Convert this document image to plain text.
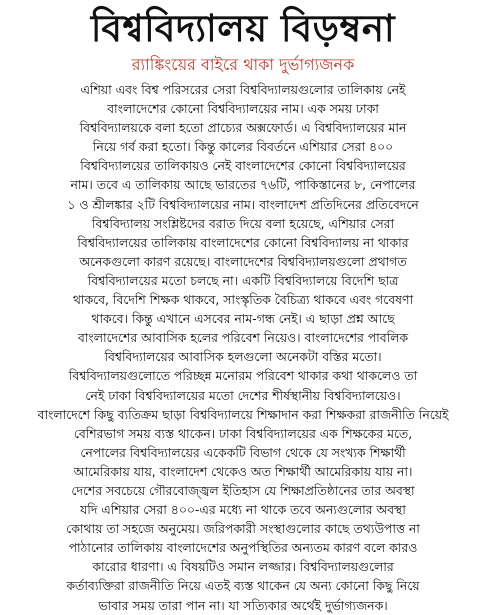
বিশ্ববিদ্যালয় বিড়ম্বনা
র‍্যাঙ্কিংয়ের বাইরে থাকা দুর্ভাগ্যজনক
এশিয়া এবং বিশ্ব পরিসরের সেরা বিশ্ববিদ্যালয়গুলোর তালিকায় নেই
বাংলাদেশের কোনো বিশ্ববিদ্যালয়ের নাম। এক সময় ঢাকা
বিশ্ববিদ্যালয়কে বলা হতো প্রাচ্যের অক্সফোর্ড। এ বিশ্ববিদ্যালয়ের মান
নিয়ে গর্ব করা হতো। কিন্তু কালের বিবর্তনে এশিয়ার সেরা ৪০০
বিশ্ববিদ্যালয়ের তালিকায়ও নেই বাংলাদেশের কোনো বিশ্ববিদ্যালয়ের
নাম। তবে এ তালিকায় আছে ভারতের ৭৬টি, পাকিস্তানের ৮, নেপালের
১ ও শ্রীলঙ্কার ২টি বিশ্ববিদ্যালয়ের নাম। বাংলাদেশ প্রতিদিনের প্রতিবেদনে
বিশ্ববিদ্যালয় সংশ্লিষ্টদের বরাত দিয়ে বলা হয়েছে, এশিয়ার সেরা
বিশ্ববিদ্যালয়ের তালিকায় বাংলাদেশের কোনো বিশ্ববিদ্যালয় না থাকার
অনেকগুলো কারণ রয়েছে। বাংলাদেশের বিশ্ববিদ্যালয়গুলো প্রথাগত
বিশ্ববিদ্যালয়ের মতো চলছে না। একটি বিশ্ববিদ্যালয়ে বিদেশি ছাত্র
থাকবে, বিদেশি শিক্ষক থাকবে, সাংস্কৃতিক বৈচিত্র্য থাকবে এবং গবেষণা
থাকবে। কিন্তু এখানে এসবের নাম-গন্ধ নেই। এ ছাড়া প্রশ্ন আছে
বাংলাদেশের আবাসিক হলের পরিবেশ নিয়েও। বাংলাদেশের পাবলিক
বিশ্ববিদ্যালয়ের আবাসিক হলগুলো অনেকটা বস্তির মতো।
বিশ্ববিদ্যালয়গুলোতে পরিচ্ছন্ন মনোরম পরিবেশ থাকার কথা থাকলেও তা
নেই ঢাকা বিশ্ববিদ্যালয়ের মতো দেশের শীর্ষস্থানীয় বিশ্ববিদ্যালয়েও।
বাংলাদেশে কিছু ব্যতিক্রম ছাড়া বিশ্ববিদ্যালয়ে শিক্ষাদান করা শিক্ষকরা রাজনীতি নিয়েই
বেশিরভাগ সময় ব্যস্ত থাকেন। ঢাকা বিশ্ববিদ্যালয়ের এক শিক্ষকের মতে,
নেপালের বিশ্ববিদ্যালয়ের একেকটি বিভাগ থেকে যে সংখ্যক শিক্ষার্থী
আমেরিকায় যায়, বাংলাদেশ থেকেও অত শিক্ষার্থী আমেরিকায় যায় না।
দেশের সবচেয়ে গৌরবোজ্জ্বল ইতিহাস যে শিক্ষাপ্রতিষ্ঠানের তার অবস্থা
যদি এশিয়ার সেরা ৪০০-এর মধ্যে না থাকে তবে অন্যগুলোর অবস্থা
কোথায় তা সহজে অনুমেয়। জরিপকারী সংস্থাগুলোর কাছে তথ্যউপাত্ত না
পাঠানোর তালিকায় বাংলাদেশের অনুপস্থিতির অন্যতম কারণ বলে কারও
কারোর ধারণা। এ বিষয়টিও সমান লজ্জার। বিশ্ববিদ্যালয়গুলোর
কর্তাব্যক্তিরা রাজনীতি নিয়ে এতই ব্যস্ত থাকেন যে অন্য কোনো কিছু নিয়ে
ভাবার সময় তারা পান না। যা সত্যিকার অর্থেই দুর্ভাগ্যজনক।
